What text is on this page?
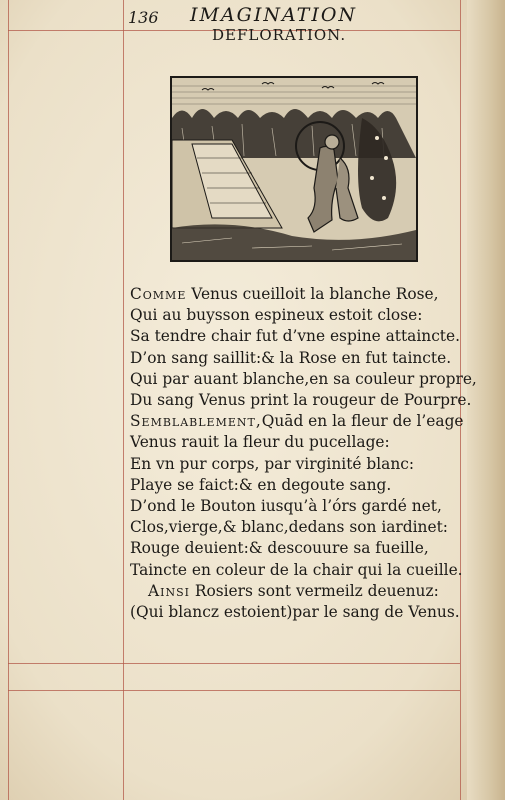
136 IMAGINATION
DEFLORATION.
Comme Venus cueilloit la blanche Rose,
Qui au buysson espineux estoit close:
Sa tendre chair fut d’vne espine attaincte.
D’on sang saillit:& la Rose en fut taincte.
Qui par auant blanche,en sa couleur propre,
Du sang Venus print la rougeur de Pourpre.
Semblablement,Quād en la fleur de l’eage
Venus rauit la fleur du pucellage:
En vn pur corps, par virginité blanc:
Playe se faict:& en degoute sang.
D’ond le Bouton iusqu’à l’órs gardé net,
Clos,vierge,& blanc,dedans son iardinet:
Rouge deuient:& descouure sa fueille,
Taincte en coleur de la chair qui la cueille.
Ainsi Rosiers sont vermeilz deuenuz:
(Qui blancz estoient)par le sang de Venus.
